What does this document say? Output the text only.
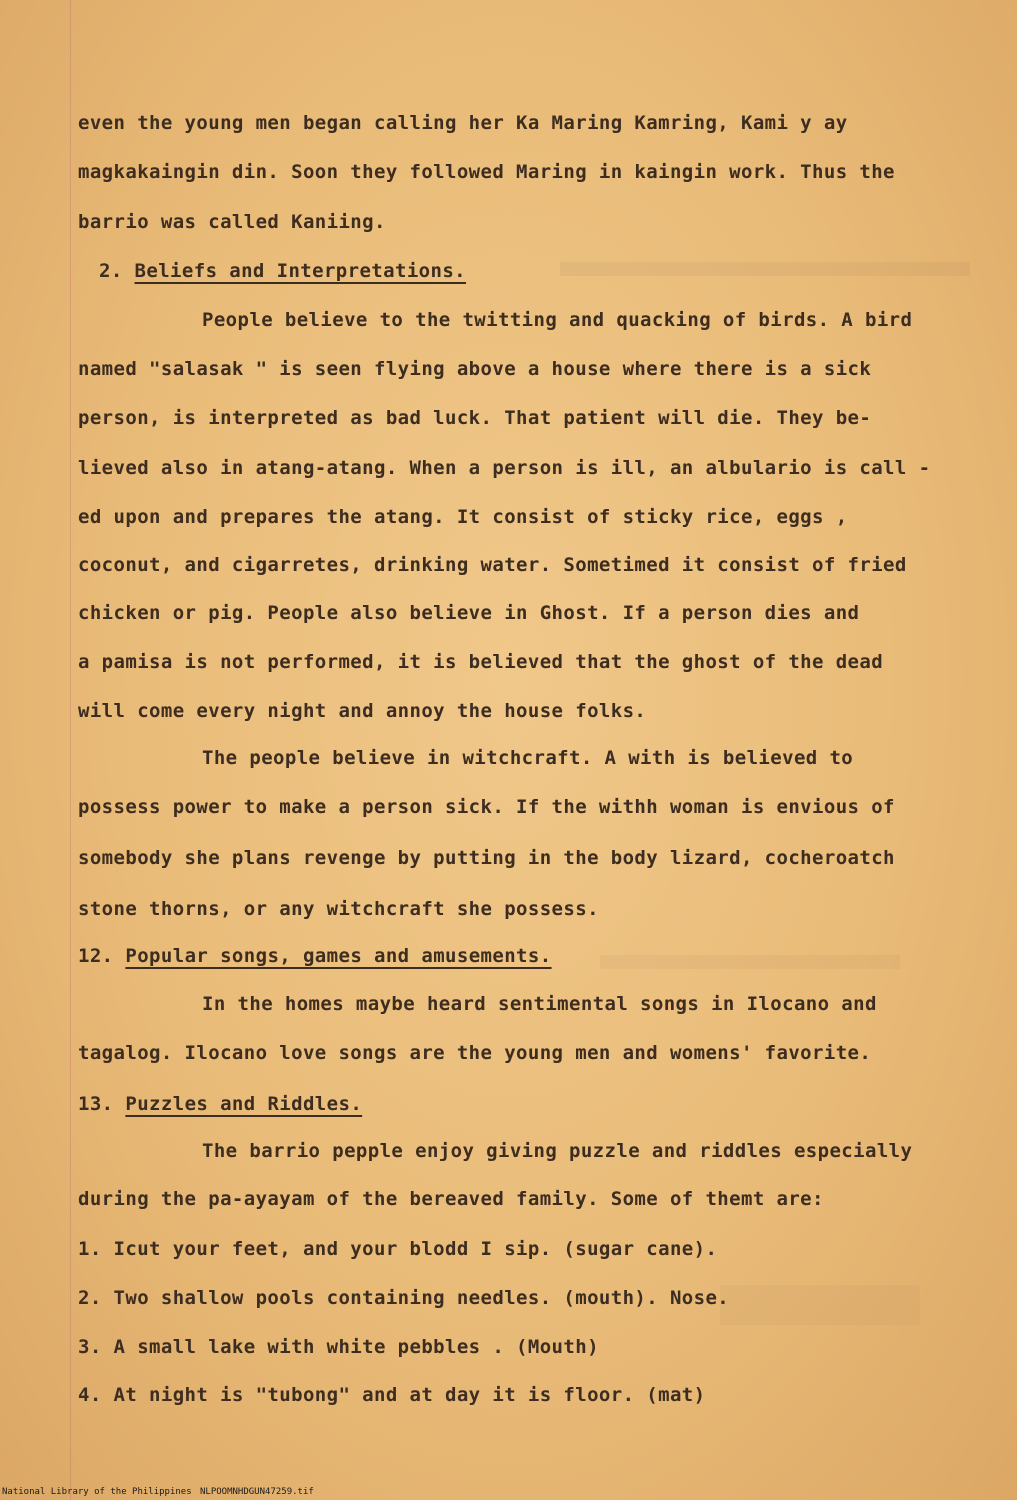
even the young men began calling her Ka Maring Kamring, Kami y ay
magkakaingin din. Soon they followed Maring in kaingin work. Thus the
barrio was called Kaniing.
2. Beliefs and Interpretations.
People believe to the twitting and quacking of birds. A bird
named "salasak " is seen flying above a house where there is a sick
person, is interpreted as bad luck. That patient will die. They be-
lieved also in atang-atang. When a person is ill, an albulario is call -
ed upon and prepares the atang. It consist of sticky rice, eggs ,
coconut, and cigarretes, drinking water. Sometimed it consist of fried
chicken or pig. People also believe in Ghost. If a person dies and
a pamisa is not performed, it is believed that the ghost of the dead
will come every night and annoy the house folks.
The people believe in witchcraft. A with is believed to
possess power to make a person sick. If the withh woman is envious of
somebody she plans revenge by putting in the body lizard, cocheroatch
stone thorns, or any witchcraft she possess.
12. Popular songs, games and amusements.
In the homes maybe heard sentimental songs in Ilocano and
tagalog. Ilocano love songs are the young men and womens' favorite.
13. Puzzles and Riddles.
The barrio pepple enjoy giving puzzle and riddles especially
during the pa-ayayam of the bereaved family. Some of themt are:
1. Icut your feet, and your blodd I sip. (sugar cane).
2. Two shallow pools containing needles. (mouth). Nose.
3. A small lake with white pebbles . (Mouth)
4. At night is "tubong" and at day it is floor. (mat)
National Library of the Philippines NLPOOMNHDGUN47259.tif
